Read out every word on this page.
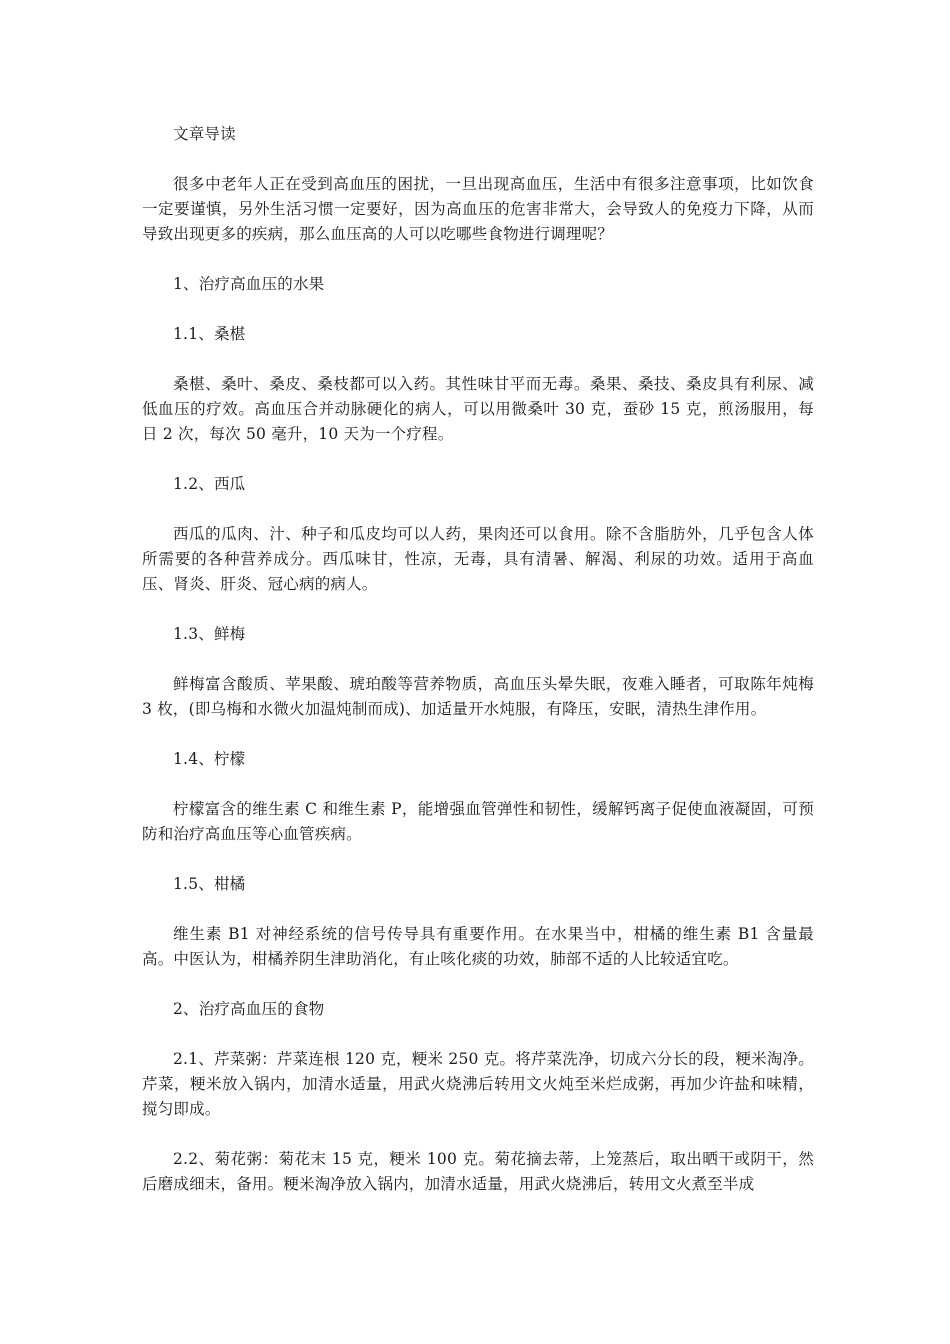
文章导读

很多中老年人正在受到高血压的困扰，一旦出现高血压，生活中有很多注意事项，比如饮食一定要谨慎，另外生活习惯一定要好，因为高血压的危害非常大，会导致人的免疫力下降，从而导致出现更多的疾病，那么血压高的人可以吃哪些食物进行调理呢？

1、治疗高血压的水果

1.1、桑椹

桑椹、桑叶、桑皮、桑枝都可以入药。其性味甘平而无毒。桑果、桑技、桑皮具有利尿、减低血压的疗效。高血压合并动脉硬化的病人，可以用微桑叶 30 克，蚕砂 15 克，煎汤服用，每日 2 次，每次 50 毫升，10 天为一个疗程。

1.2、西瓜

西瓜的瓜肉、汁、种子和瓜皮均可以人药，果肉还可以食用。除不含脂肪外，几乎包含人体所需要的各种营养成分。西瓜味甘，性凉，无毒，具有清暑、解渴、利尿的功效。适用于高血压、肾炎、肝炎、冠心病的病人。

1.3、鲜梅

鲜梅富含酸质、苹果酸、琥珀酸等营养物质，高血压头晕失眠，夜难入睡者，可取陈年炖梅 3 枚，(即乌梅和水微火加温炖制而成)、加适量开水炖服，有降压，安眠，清热生津作用。

1.4、柠檬

柠檬富含的维生素 C 和维生素 P，能增强血管弹性和韧性，缓解钙离子促使血液凝固，可预防和治疗高血压等心血管疾病。

1.5、柑橘

维生素 B1 对神经系统的信号传导具有重要作用。在水果当中，柑橘的维生素 B1 含量最高。中医认为，柑橘养阴生津助消化，有止咳化痰的功效，肺部不适的人比较适宜吃。

2、治疗高血压的食物

2.1、芹菜粥：芹菜连根 120 克，粳米 250 克。将芹菜洗净，切成六分长的段，粳米淘净。芹菜，粳米放入锅内，加清水适量，用武火烧沸后转用文火炖至米烂成粥，再加少许盐和味精，搅匀即成。

2.2、菊花粥：菊花末 15 克，粳米 100 克。菊花摘去蒂，上笼蒸后，取出晒干或阴干，然后磨成细末，备用。粳米淘净放入锅内，加清水适量，用武火烧沸后，转用文火煮至半成
